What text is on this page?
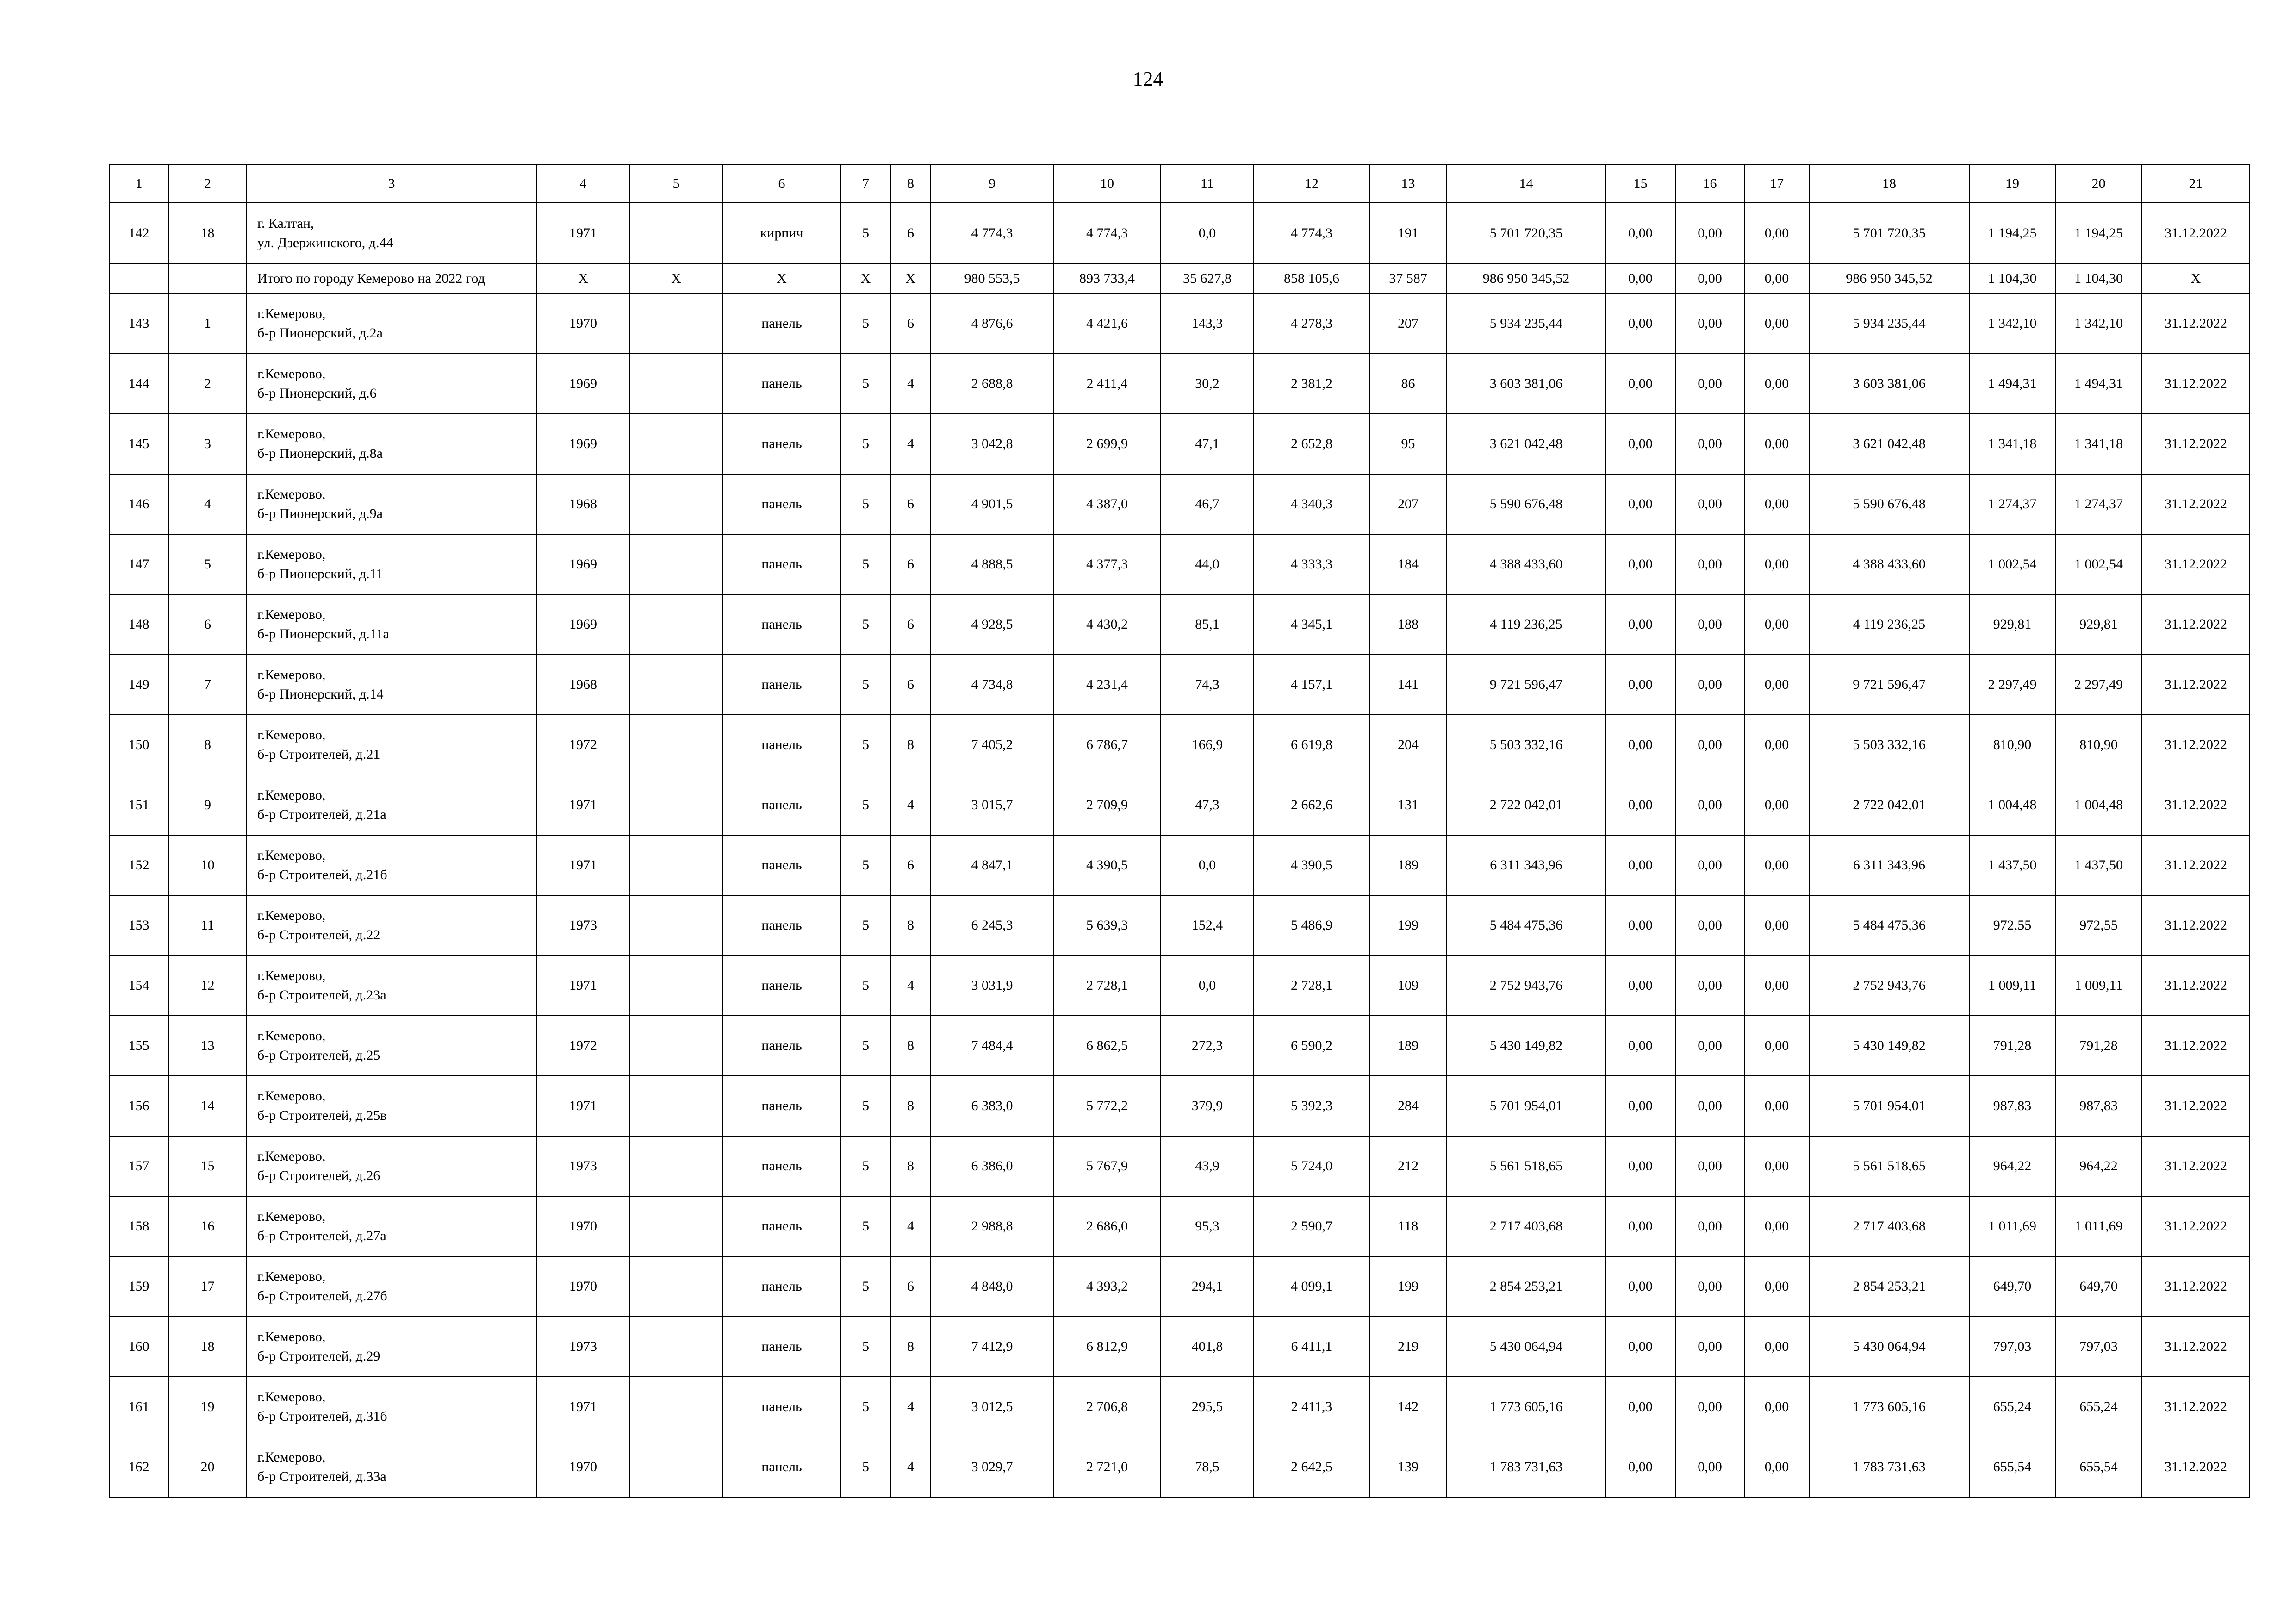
124
1	2	3	4	5	6	7	8	9	10	11	12	13	14	15	16	17	18	19	20	21
142	18	г. Калтан,
ул. Дзержинского, д.44	1971		кирпич	5	6	4 774,3	4 774,3	0,0	4 774,3	191	5 701 720,35	0,00	0,00	0,00	5 701 720,35	1 194,25	1 194,25	31.12.2022
		Итого по городу Кемерово на 2022 год	X	X	X	X	X	980 553,5	893 733,4	35 627,8	858 105,6	37 587	986 950 345,52	0,00	0,00	0,00	986 950 345,52	1 104,30	1 104,30	X
143	1	г.Кемерово,
б-р Пионерский, д.2а	1970		панель	5	6	4 876,6	4 421,6	143,3	4 278,3	207	5 934 235,44	0,00	0,00	0,00	5 934 235,44	1 342,10	1 342,10	31.12.2022
144	2	г.Кемерово,
б-р Пионерский, д.6	1969		панель	5	4	2 688,8	2 411,4	30,2	2 381,2	86	3 603 381,06	0,00	0,00	0,00	3 603 381,06	1 494,31	1 494,31	31.12.2022
145	3	г.Кемерово,
б-р Пионерский, д.8а	1969		панель	5	4	3 042,8	2 699,9	47,1	2 652,8	95	3 621 042,48	0,00	0,00	0,00	3 621 042,48	1 341,18	1 341,18	31.12.2022
146	4	г.Кемерово,
б-р Пионерский, д.9а	1968		панель	5	6	4 901,5	4 387,0	46,7	4 340,3	207	5 590 676,48	0,00	0,00	0,00	5 590 676,48	1 274,37	1 274,37	31.12.2022
147	5	г.Кемерово,
б-р Пионерский, д.11	1969		панель	5	6	4 888,5	4 377,3	44,0	4 333,3	184	4 388 433,60	0,00	0,00	0,00	4 388 433,60	1 002,54	1 002,54	31.12.2022
148	6	г.Кемерово,
б-р Пионерский, д.11а	1969		панель	5	6	4 928,5	4 430,2	85,1	4 345,1	188	4 119 236,25	0,00	0,00	0,00	4 119 236,25	929,81	929,81	31.12.2022
149	7	г.Кемерово,
б-р Пионерский, д.14	1968		панель	5	6	4 734,8	4 231,4	74,3	4 157,1	141	9 721 596,47	0,00	0,00	0,00	9 721 596,47	2 297,49	2 297,49	31.12.2022
150	8	г.Кемерово,
б-р Строителей, д.21	1972		панель	5	8	7 405,2	6 786,7	166,9	6 619,8	204	5 503 332,16	0,00	0,00	0,00	5 503 332,16	810,90	810,90	31.12.2022
151	9	г.Кемерово,
б-р Строителей, д.21а	1971		панель	5	4	3 015,7	2 709,9	47,3	2 662,6	131	2 722 042,01	0,00	0,00	0,00	2 722 042,01	1 004,48	1 004,48	31.12.2022
152	10	г.Кемерово,
б-р Строителей, д.21б	1971		панель	5	6	4 847,1	4 390,5	0,0	4 390,5	189	6 311 343,96	0,00	0,00	0,00	6 311 343,96	1 437,50	1 437,50	31.12.2022
153	11	г.Кемерово,
б-р Строителей, д.22	1973		панель	5	8	6 245,3	5 639,3	152,4	5 486,9	199	5 484 475,36	0,00	0,00	0,00	5 484 475,36	972,55	972,55	31.12.2022
154	12	г.Кемерово,
б-р Строителей, д.23а	1971		панель	5	4	3 031,9	2 728,1	0,0	2 728,1	109	2 752 943,76	0,00	0,00	0,00	2 752 943,76	1 009,11	1 009,11	31.12.2022
155	13	г.Кемерово,
б-р Строителей, д.25	1972		панель	5	8	7 484,4	6 862,5	272,3	6 590,2	189	5 430 149,82	0,00	0,00	0,00	5 430 149,82	791,28	791,28	31.12.2022
156	14	г.Кемерово,
б-р Строителей, д.25в	1971		панель	5	8	6 383,0	5 772,2	379,9	5 392,3	284	5 701 954,01	0,00	0,00	0,00	5 701 954,01	987,83	987,83	31.12.2022
157	15	г.Кемерово,
б-р Строителей, д.26	1973		панель	5	8	6 386,0	5 767,9	43,9	5 724,0	212	5 561 518,65	0,00	0,00	0,00	5 561 518,65	964,22	964,22	31.12.2022
158	16	г.Кемерово,
б-р Строителей, д.27а	1970		панель	5	4	2 988,8	2 686,0	95,3	2 590,7	118	2 717 403,68	0,00	0,00	0,00	2 717 403,68	1 011,69	1 011,69	31.12.2022
159	17	г.Кемерово,
б-р Строителей, д.27б	1970		панель	5	6	4 848,0	4 393,2	294,1	4 099,1	199	2 854 253,21	0,00	0,00	0,00	2 854 253,21	649,70	649,70	31.12.2022
160	18	г.Кемерово,
б-р Строителей, д.29	1973		панель	5	8	7 412,9	6 812,9	401,8	6 411,1	219	5 430 064,94	0,00	0,00	0,00	5 430 064,94	797,03	797,03	31.12.2022
161	19	г.Кемерово,
б-р Строителей, д.31б	1971		панель	5	4	3 012,5	2 706,8	295,5	2 411,3	142	1 773 605,16	0,00	0,00	0,00	1 773 605,16	655,24	655,24	31.12.2022
162	20	г.Кемерово,
б-р Строителей, д.33а	1970		панель	5	4	3 029,7	2 721,0	78,5	2 642,5	139	1 783 731,63	0,00	0,00	0,00	1 783 731,63	655,54	655,54	31.12.2022
